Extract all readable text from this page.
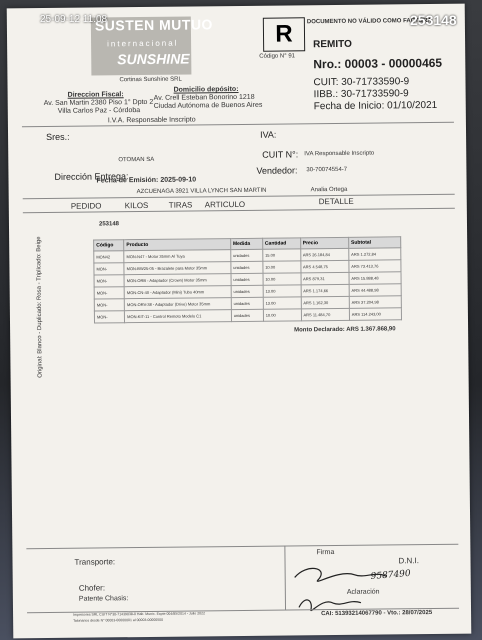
SUSTEN MUTUO
internacional
SUNSHINE
Cortinas Sunshine SRL
Direccion Fiscal:
Av. San Martin 2380 Piso 1° Dpto 2
Villa Carlos Paz - Córdoba
Domicilio depósito:
Av. Crell Esteban Bonorino 1218
Ciudad Autónoma de Buenos Aires
I.V.A. Responsable Inscripto
R
Código N° 91
DOCUMENTO NO VÁLIDO COMO FACTURA
REMITO
Nro.: 00003 - 00000465
CUIT: 30-71733590-9
IIBB.: 30-71733590-9
Fecha de Inicio: 01/10/2021
Sres.:
OTOMAN SA
IVA:
IVA Responsable Inscripto
CUIT N°:
30-70074554-7
Dirección Entrega:
Fecha de Emisión: 2025-09-10
Vendedor:
AZCUENAGA 3921 VILLA LYNCH SAN MARTIN	Analia Ortega
PEDIDO	KILOS	TIRAS ARTICULO	DETALLE
253148
Código	Producto	Medida	Cantidad	Precio	Subtotal
MON42	MON-N47 - Motor 35mm Al Tuya	unidades	15.00	ARS 26.184,84	ARS 1.272,84
MON-	MON-BW25-05 - Brazalete para Motor 35mm	unidades	10.00	ARS 4.548,75	ARS 73.413,76
MON-	MON-ORB - Adaptador (Crown) Motor 35mm	unidades	10.00	ARS 879,31	ARS 15.888,48
MON-	MON-CN-40 - Adaptador (Mini) Tubo 40mm	unidades	13.00	ARS 1.174,66	ARS 44.488,98
MON-	MON-ORV-38 - Adaptador (Drive) Motor 35mm	unidades	13.00	ARS 1.162,30	ARS 37.204,98
MON-	MON-KIT-11 - Control Remoto Modelo C1	unidades	10.00	ARS 11.484,70	ARS 114.243,00
Monto Declarado: ARS 1.367.868,90
Original: Blanco - Duplicado: Rosa - Triplicado: Beige
Transporte:
Firma
D.N.I.
Chofer:
Patente Chasis:
Aclaración
9587490
Impresores SRL CUIT N°30-71439038-0 Hab. Munic. Expte 004/85/2014 - Julio 2022
Talonarios desde N° 00003-00000001 al 00003-00000500
CAI: 51393214067790 - Vto.: 28/07/2025
25-09-12 11:08	253148
